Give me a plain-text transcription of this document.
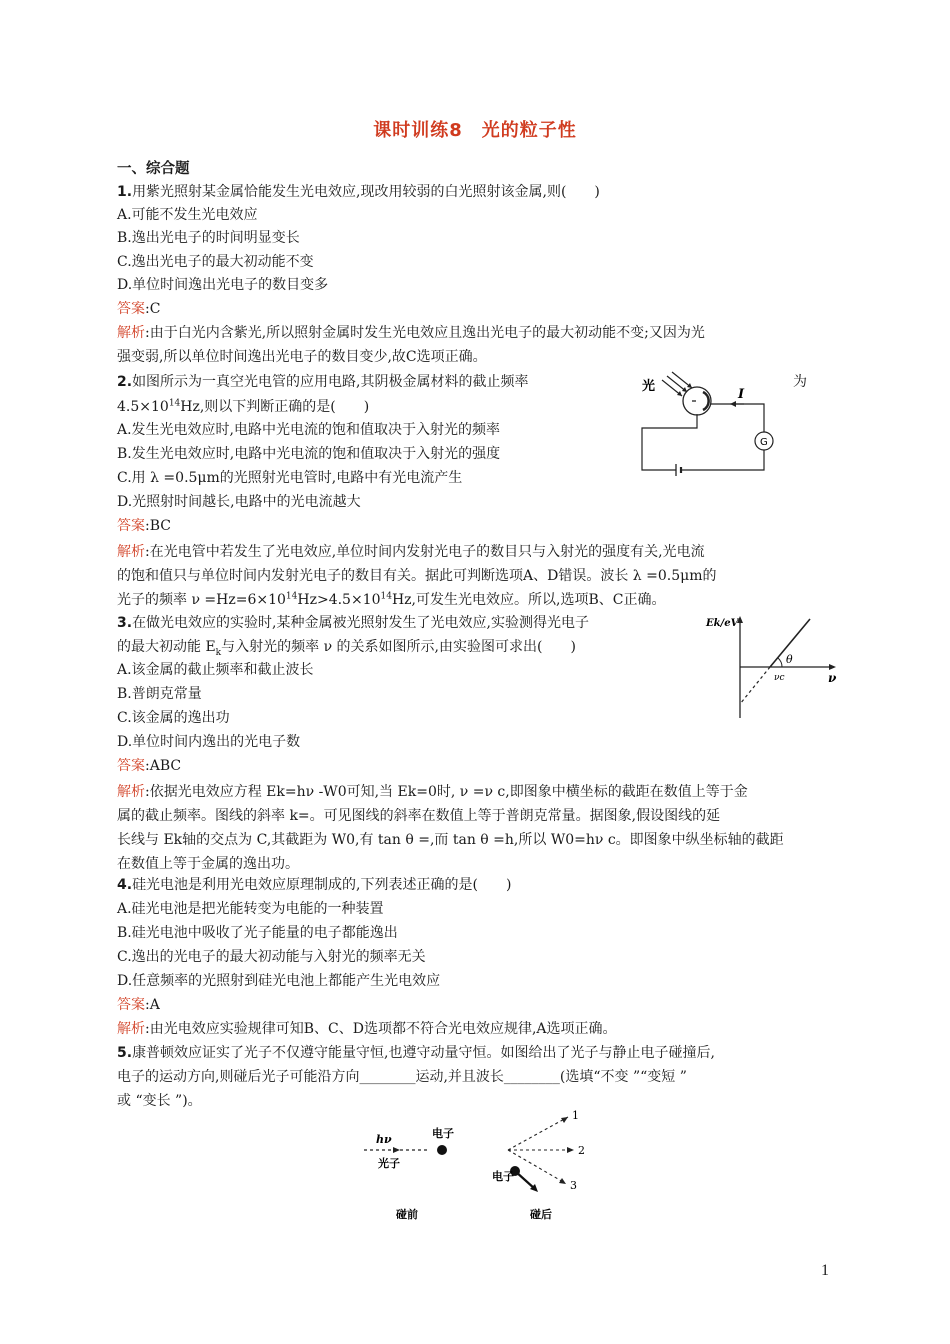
课时训练8　光的粒子性
一、综合题
1.用紫光照射某金属恰能发生光电效应,现改用较弱的白光照射该金属,则(　　)
A.可能不发生光电效应
B.逸出光电子的时间明显变长
C.逸出光电子的最大初动能不变
D.单位时间逸出光电子的数目变多
答案:C
解析:由于白光内含紫光,所以照射金属时发生光电效应且逸出光电子的最大初动能不变;又因为光
强变弱,所以单位时间逸出光电子的数目变少,故C选项正确。
2.如图所示为一真空光电管的应用电路,其阴极金属材料的截止频率	为
$4.5\times 10^{14}Hz$,则以下判断正确的是(　　)
A.发生光电效应时,电路中光电流的饱和值取决于入射光的频率
B.发生光电效应时,电路中光电流的饱和值取决于入射光的强度
C.用 λ =0.5μm的光照射光电管时,电路中有光电流产生
D.光照射时间越长,电路中的光电流越大
答案:BC
解析:在光电管中若发生了光电效应,单位时间内发射光电子的数目只与入射光的强度有关,光电流
的饱和值只与单位时间内发射光电子的数目有关。据此可判断选项A、D错误。波长 λ =0.5μm的
光子的频率 $\nu =Hz=6\times 10^{14}Hz>4.5\times 10^{14}Hz$,可发生光电效应。所以,选项B、C正确。
光
G
I
3.在做光电效应的实验时,某种金属被光照射发生了光电效应,实验测得光电子
的最大初动能 $E_k$与入射光的频率 ν 的关系如图所示,由实验图可求出(　　)
A.该金属的截止频率和截止波长
B.普朗克常量
C.该金属的逸出功
D.单位时间内逸出的光电子数
答案:ABC
解析:依据光电效应方程 Ek=hν -W0可知,当 Ek=0时, ν =ν c,即图象中横坐标的截距在数值上等于金
属的截止频率。图线的斜率 k=。可见图线的斜率在数值上等于普朗克常量。据图象,假设图线的延
长线与 Ek轴的交点为 C,其截距为 W0,有 tan θ =,而 tan θ =h,所以 W0=hν c。即图象中纵坐标轴的截距
在数值上等于金属的逸出功。
Ek/eV
ν
θ
νc
4.硅光电池是利用光电效应原理制成的,下列表述正确的是(　　)
A.硅光电池是把光能转变为电能的一种装置
B.硅光电池中吸收了光子能量的电子都能逸出
C.逸出的光电子的最大初动能与入射光的频率无关
D.任意频率的光照射到硅光电池上都能产生光电效应
答案:A
解析:由光电效应实验规律可知B、C、D选项都不符合光电效应规律,A选项正确。
5.康普顿效应证实了光子不仅遵守能量守恒,也遵守动量守恒。如图给出了光子与静止电子碰撞后,
电子的运动方向,则碰后光子可能沿方向________运动,并且波长________(选填“不变 ”“变短 ”
或 “变长 ”)。
hν
光子
电子
碰前
电子
1
2
3
碰后
1
